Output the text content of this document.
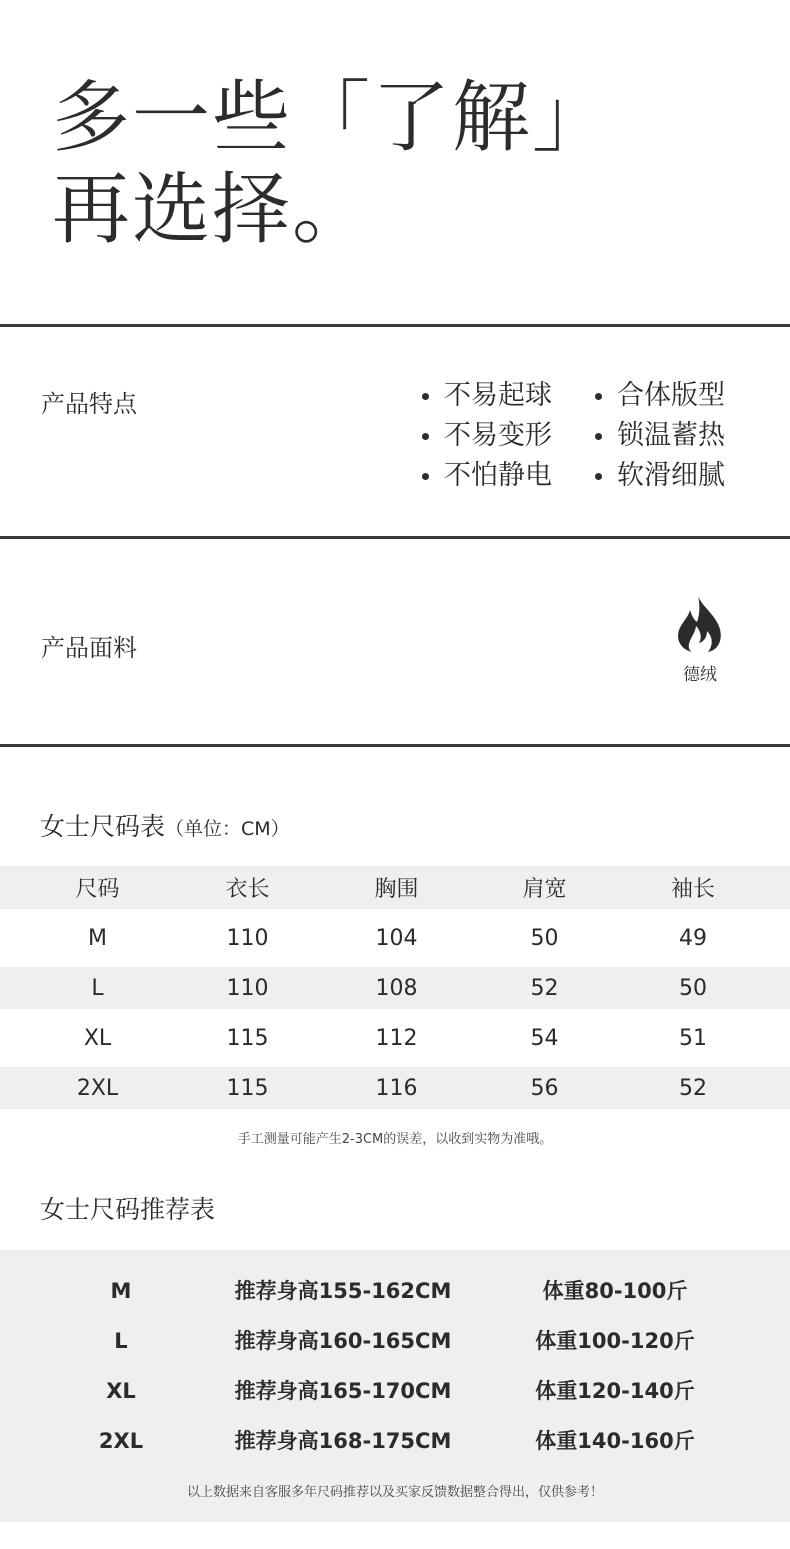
多一些「了解」
再选择。
产品特点	不易起球 合体版型
不易变形 锁温蓄热
不怕静电 软滑细腻
产品面料
德绒
女士尺码表（单位：CM）
尺码	衣长	胸围	肩宽	袖长
M	110	104	50	49
L	110	108	52	50
XL	115	112	54	51
2XL	115	116	56	52
手工测量可能产生2-3CM的误差，以收到实物为准哦。
女士尺码推荐表
M	推荐身高155-162CM	体重80-100斤
L	推荐身高160-165CM	体重100-120斤
XL	推荐身高165-170CM	体重120-140斤
2XL	推荐身高168-175CM	体重140-160斤
以上数据来自客服多年尺码推荐以及买家反馈数据整合得出，仅供参考！
